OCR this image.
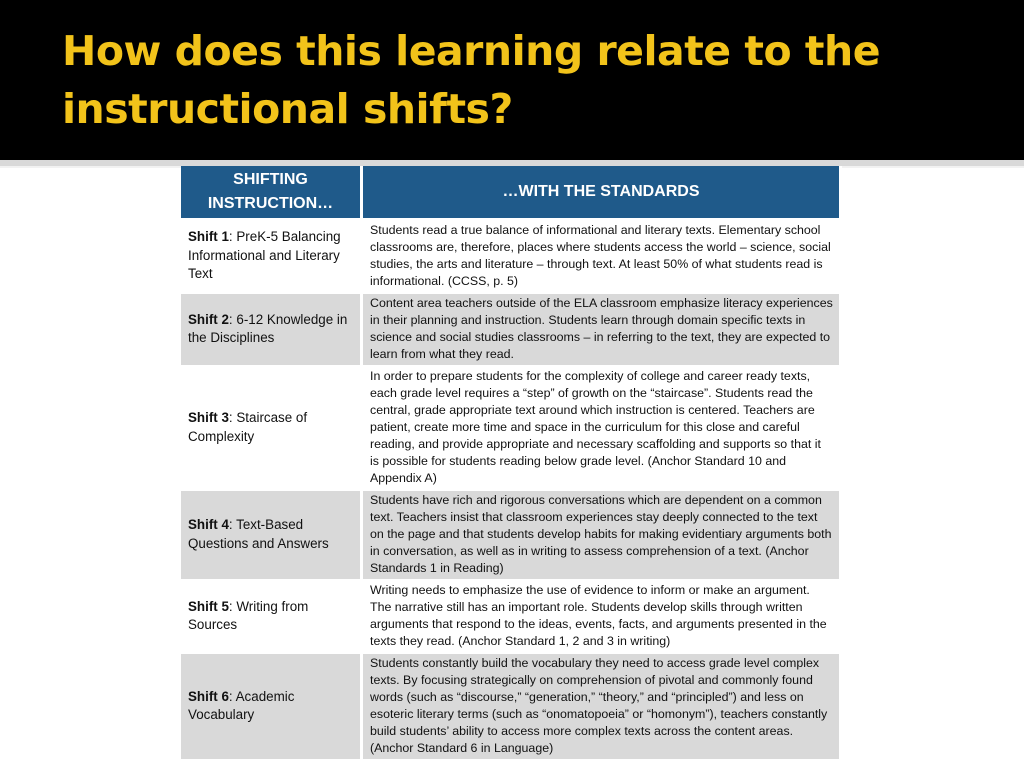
How does this learning relate to the instructional shifts?
SHIFTING INSTRUCTION…	…WITH THE STANDARDS
Shift 1: PreK-5 Balancing Informational and Literary Text	Students read a true balance of informational and literary texts. Elementary school classrooms are, therefore, places where students access the world – science, social studies, the arts and literature – through text. At least 50% of what students read is informational. (CCSS, p. 5)
Shift 2: 6-12 Knowledge in the Disciplines	Content area teachers outside of the ELA classroom emphasize literacy experiences in their planning and instruction. Students learn through domain specific texts in science and social studies classrooms – in referring to the text, they are expected to learn from what they read.
Shift 3: Staircase of Complexity	In order to prepare students for the complexity of college and career ready texts, each grade level requires a “step” of growth on the “staircase”. Students read the central, grade appropriate text around which instruction is centered. Teachers are patient, create more time and space in the curriculum for this close and careful reading, and provide appropriate and necessary scaffolding and supports so that it is possible for students reading below grade level. (Anchor Standard 10 and Appendix A)
Shift 4: Text-Based Questions and Answers	Students have rich and rigorous conversations which are dependent on a common text. Teachers insist that classroom experiences stay deeply connected to the text on the page and that students develop habits for making evidentiary arguments both in conversation, as well as in writing to assess comprehension of a text. (Anchor Standards 1 in Reading)
Shift 5: Writing from Sources	Writing needs to emphasize the use of evidence to inform or make an argument. The narrative still has an important role. Students develop skills through written arguments that respond to the ideas, events, facts, and arguments presented in the texts they read. (Anchor Standard 1, 2 and 3 in writing)
Shift 6: Academic Vocabulary	Students constantly build the vocabulary they need to access grade level complex texts. By focusing strategically on comprehension of pivotal and commonly found words (such as “discourse,” “generation,” “theory,” and “principled”) and less on esoteric literary terms (such as “onomatopoeia” or “homonym”), teachers constantly build students’ ability to access more complex texts across the content areas. (Anchor Standard 6 in Language)
